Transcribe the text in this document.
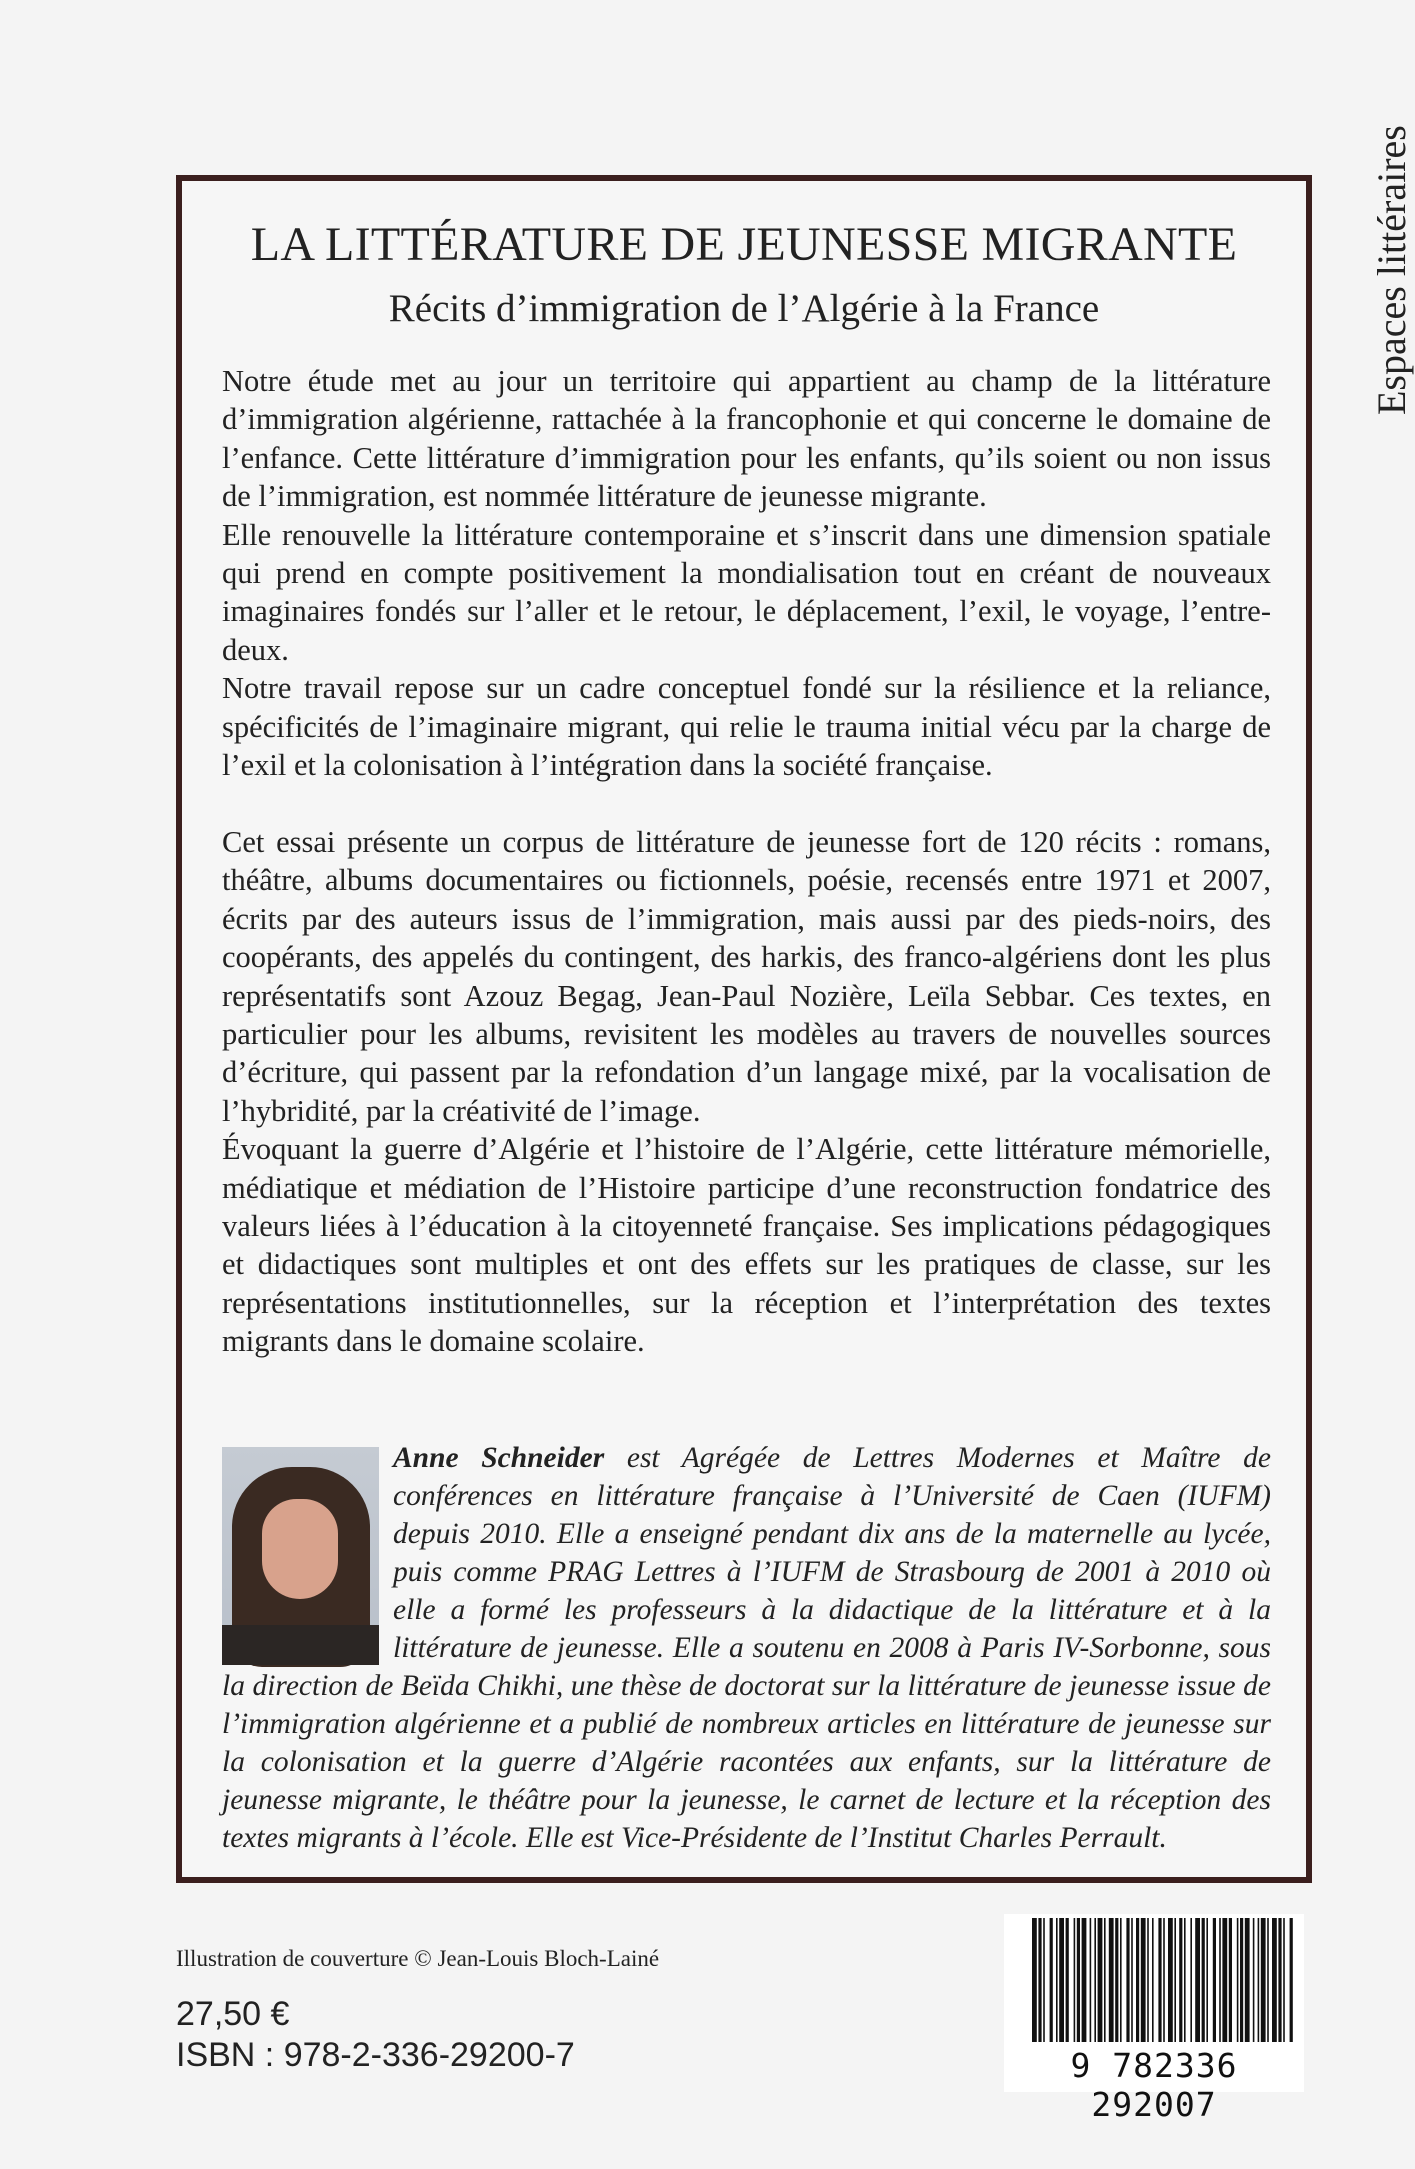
Espaces littéraires
LA LITTÉRATURE DE JEUNESSE MIGRANTE
Récits d’immigration de l’Algérie à la France

Notre étude met au jour un territoire qui appartient au champ de la littérature d’immigration algérienne, rattachée à la francophonie et qui concerne le domaine de l’enfance. Cette littérature d’immigration pour les enfants, qu’ils soient ou non issus de l’immigration, est nommée littérature de jeunesse migrante.

Elle renouvelle la littérature contemporaine et s’inscrit dans une dimension spatiale qui prend en compte positivement la mondialisation tout en créant de nouveaux imaginaires fondés sur l’aller et le retour, le déplacement, l’exil, le voyage, l’entre-deux.

Notre travail repose sur un cadre conceptuel fondé sur la résilience et la reliance, spécificités de l’imaginaire migrant, qui relie le trauma initial vécu par la charge de l’exil et la colonisation à l’intégration dans la société française.

Cet essai présente un corpus de littérature de jeunesse fort de 120 récits : romans, théâtre, albums documentaires ou fictionnels, poésie, recensés entre 1971 et 2007, écrits par des auteurs issus de l’immigration, mais aussi par des pieds-noirs, des coopérants, des appelés du contingent, des harkis, des franco-algériens dont les plus représentatifs sont Azouz Begag, Jean-Paul Nozière, Leïla Sebbar. Ces textes, en particulier pour les albums, revisitent les modèles au travers de nouvelles sources d’écriture, qui passent par la refondation d’un langage mixé, par la vocalisation de l’hybridité, par la créativité de l’image.

Évoquant la guerre d’Algérie et l’histoire de l’Algérie, cette littérature mémorielle, médiatique et médiation de l’Histoire participe d’une reconstruction fondatrice des valeurs liées à l’éducation à la citoyenneté française. Ses implications pédagogiques et didactiques sont multiples et ont des effets sur les pratiques de classe, sur les représentations institutionnelles, sur la réception et l’interprétation des textes migrants dans le domaine scolaire.

Anne Schneider est Agrégée de Lettres Modernes et Maître de conférences en littérature française à l’Université de Caen (IUFM) depuis 2010. Elle a enseigné pendant dix ans de la maternelle au lycée, puis comme PRAG Lettres à l’IUFM de Strasbourg de 2001 à 2010 où elle a formé les professeurs à la didactique de la littérature et à la littérature de jeunesse. Elle a soutenu en 2008 à Paris IV-Sorbonne, sous la direction de Beïda Chikhi, une thèse de doctorat sur la littérature de jeunesse issue de l’immigration algérienne et a publié de nombreux articles en littérature de jeunesse sur la colonisation et la guerre d’Algérie racontées aux enfants, sur la littérature de jeunesse migrante, le théâtre pour la jeunesse, le carnet de lecture et la réception des textes migrants à l’école. Elle est Vice-Présidente de l’Institut Charles Perrault.

Illustration de couverture © Jean-Louis Bloch-Lainé
27,50 €
ISBN : 978-2-336-29200-7	9 782336 292007
